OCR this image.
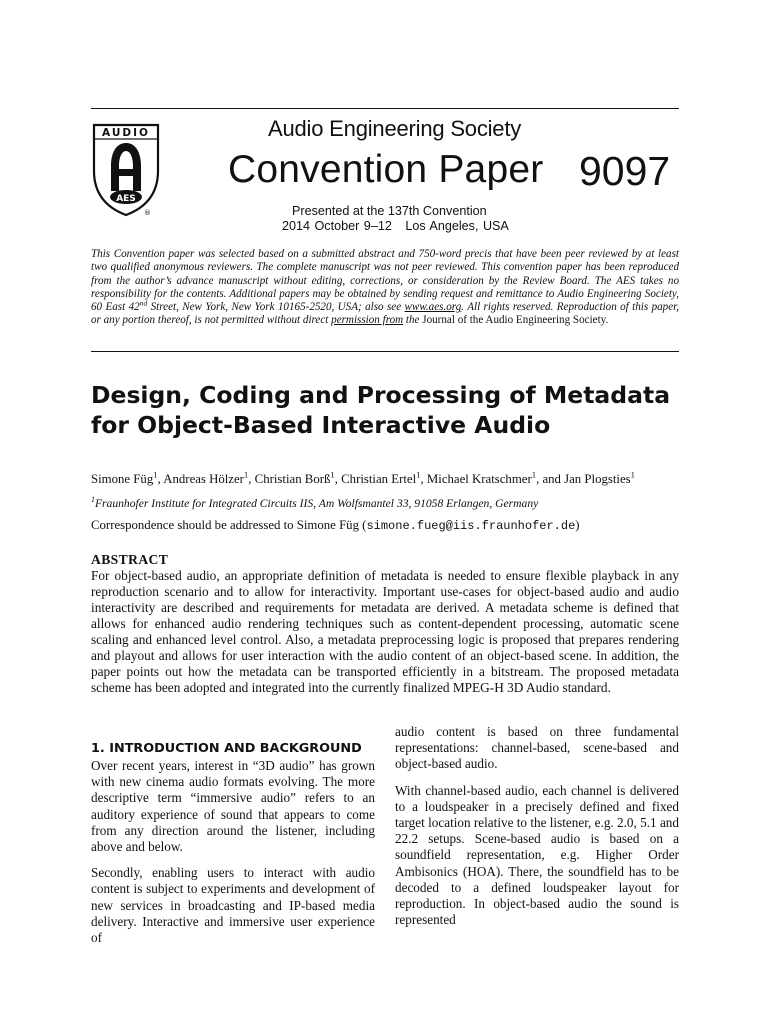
AUDIO
AES
®
Audio Engineering Society
Convention Paper 9097
Presented at the 137th Convention
2014 October 9–12   Los Angeles, USA

This Convention paper was selected based on a submitted abstract and 750-word precis that have been peer reviewed by at least two qualified anonymous reviewers. The complete manuscript was not peer reviewed. This convention paper has been reproduced from the author’s advance manuscript without editing, corrections, or consideration by the Review Board. The AES takes no responsibility for the contents. Additional papers may be obtained by sending request and remittance to Audio Engineering Society, 60 East 42nd Street, New York, New York 10165-2520, USA; also see www.aes.org. All rights reserved. Reproduction of this paper, or any portion thereof, is not permitted without direct permission from the Journal of the Audio Engineering Society.

Design, Coding and Processing of Metadata
for Object-Based Interactive Audio
Simone Füg$^1$, Andreas Hölzer$^1$, Christian Borß$^1$, Christian Ertel$^1$, Michael Kratschmer$^1$, and Jan Plogsties$^1$
$^1$Fraunhofer Institute for Integrated Circuits IIS, Am Wolfsmantel 33, 91058 Erlangen, Germany
Correspondence should be addressed to Simone Füg (simone.fueg@iis.fraunhofer.de)
ABSTRACT

For object-based audio, an appropriate definition of metadata is needed to ensure flexible playback in any reproduction scenario and to allow for interactivity. Important use-cases for object-based audio and audio interactivity are described and requirements for metadata are derived. A metadata scheme is defined that allows for enhanced audio rendering techniques such as content-dependent processing, automatic scene scaling and enhanced level control. Also, a metadata preprocessing logic is proposed that prepares rendering and playout and allows for user interaction with the audio content of an object-based scene. In addition, the paper points out how the metadata can be transported efficiently in a bitstream. The proposed metadata scheme has been adopted and integrated into the currently finalized MPEG-H 3D Audio standard.

1. INTRODUCTION AND BACKGROUND

Over recent years, interest in “3D audio” has grown with new cinema audio formats evolving. The more descriptive term “immersive audio” refers to an auditory experience of sound that appears to come from any direction around the listener, including above and below.

Secondly, enabling users to interact with audio content is subject to experiments and development of new services in broadcasting and IP-based media delivery. Interactive and immersive user experience of

audio content is based on three fundamental representations: channel-based, scene-based and object-based audio.

With channel-based audio, each channel is delivered to a loudspeaker in a precisely defined and fixed target location relative to the listener, e.g. 2.0, 5.1 and 22.2 setups. Scene-based audio is based on a soundfield representation, e.g. Higher Order Ambisonics (HOA). There, the soundfield has to be decoded to a defined loudspeaker layout for reproduction. In object-based audio the sound is represented
